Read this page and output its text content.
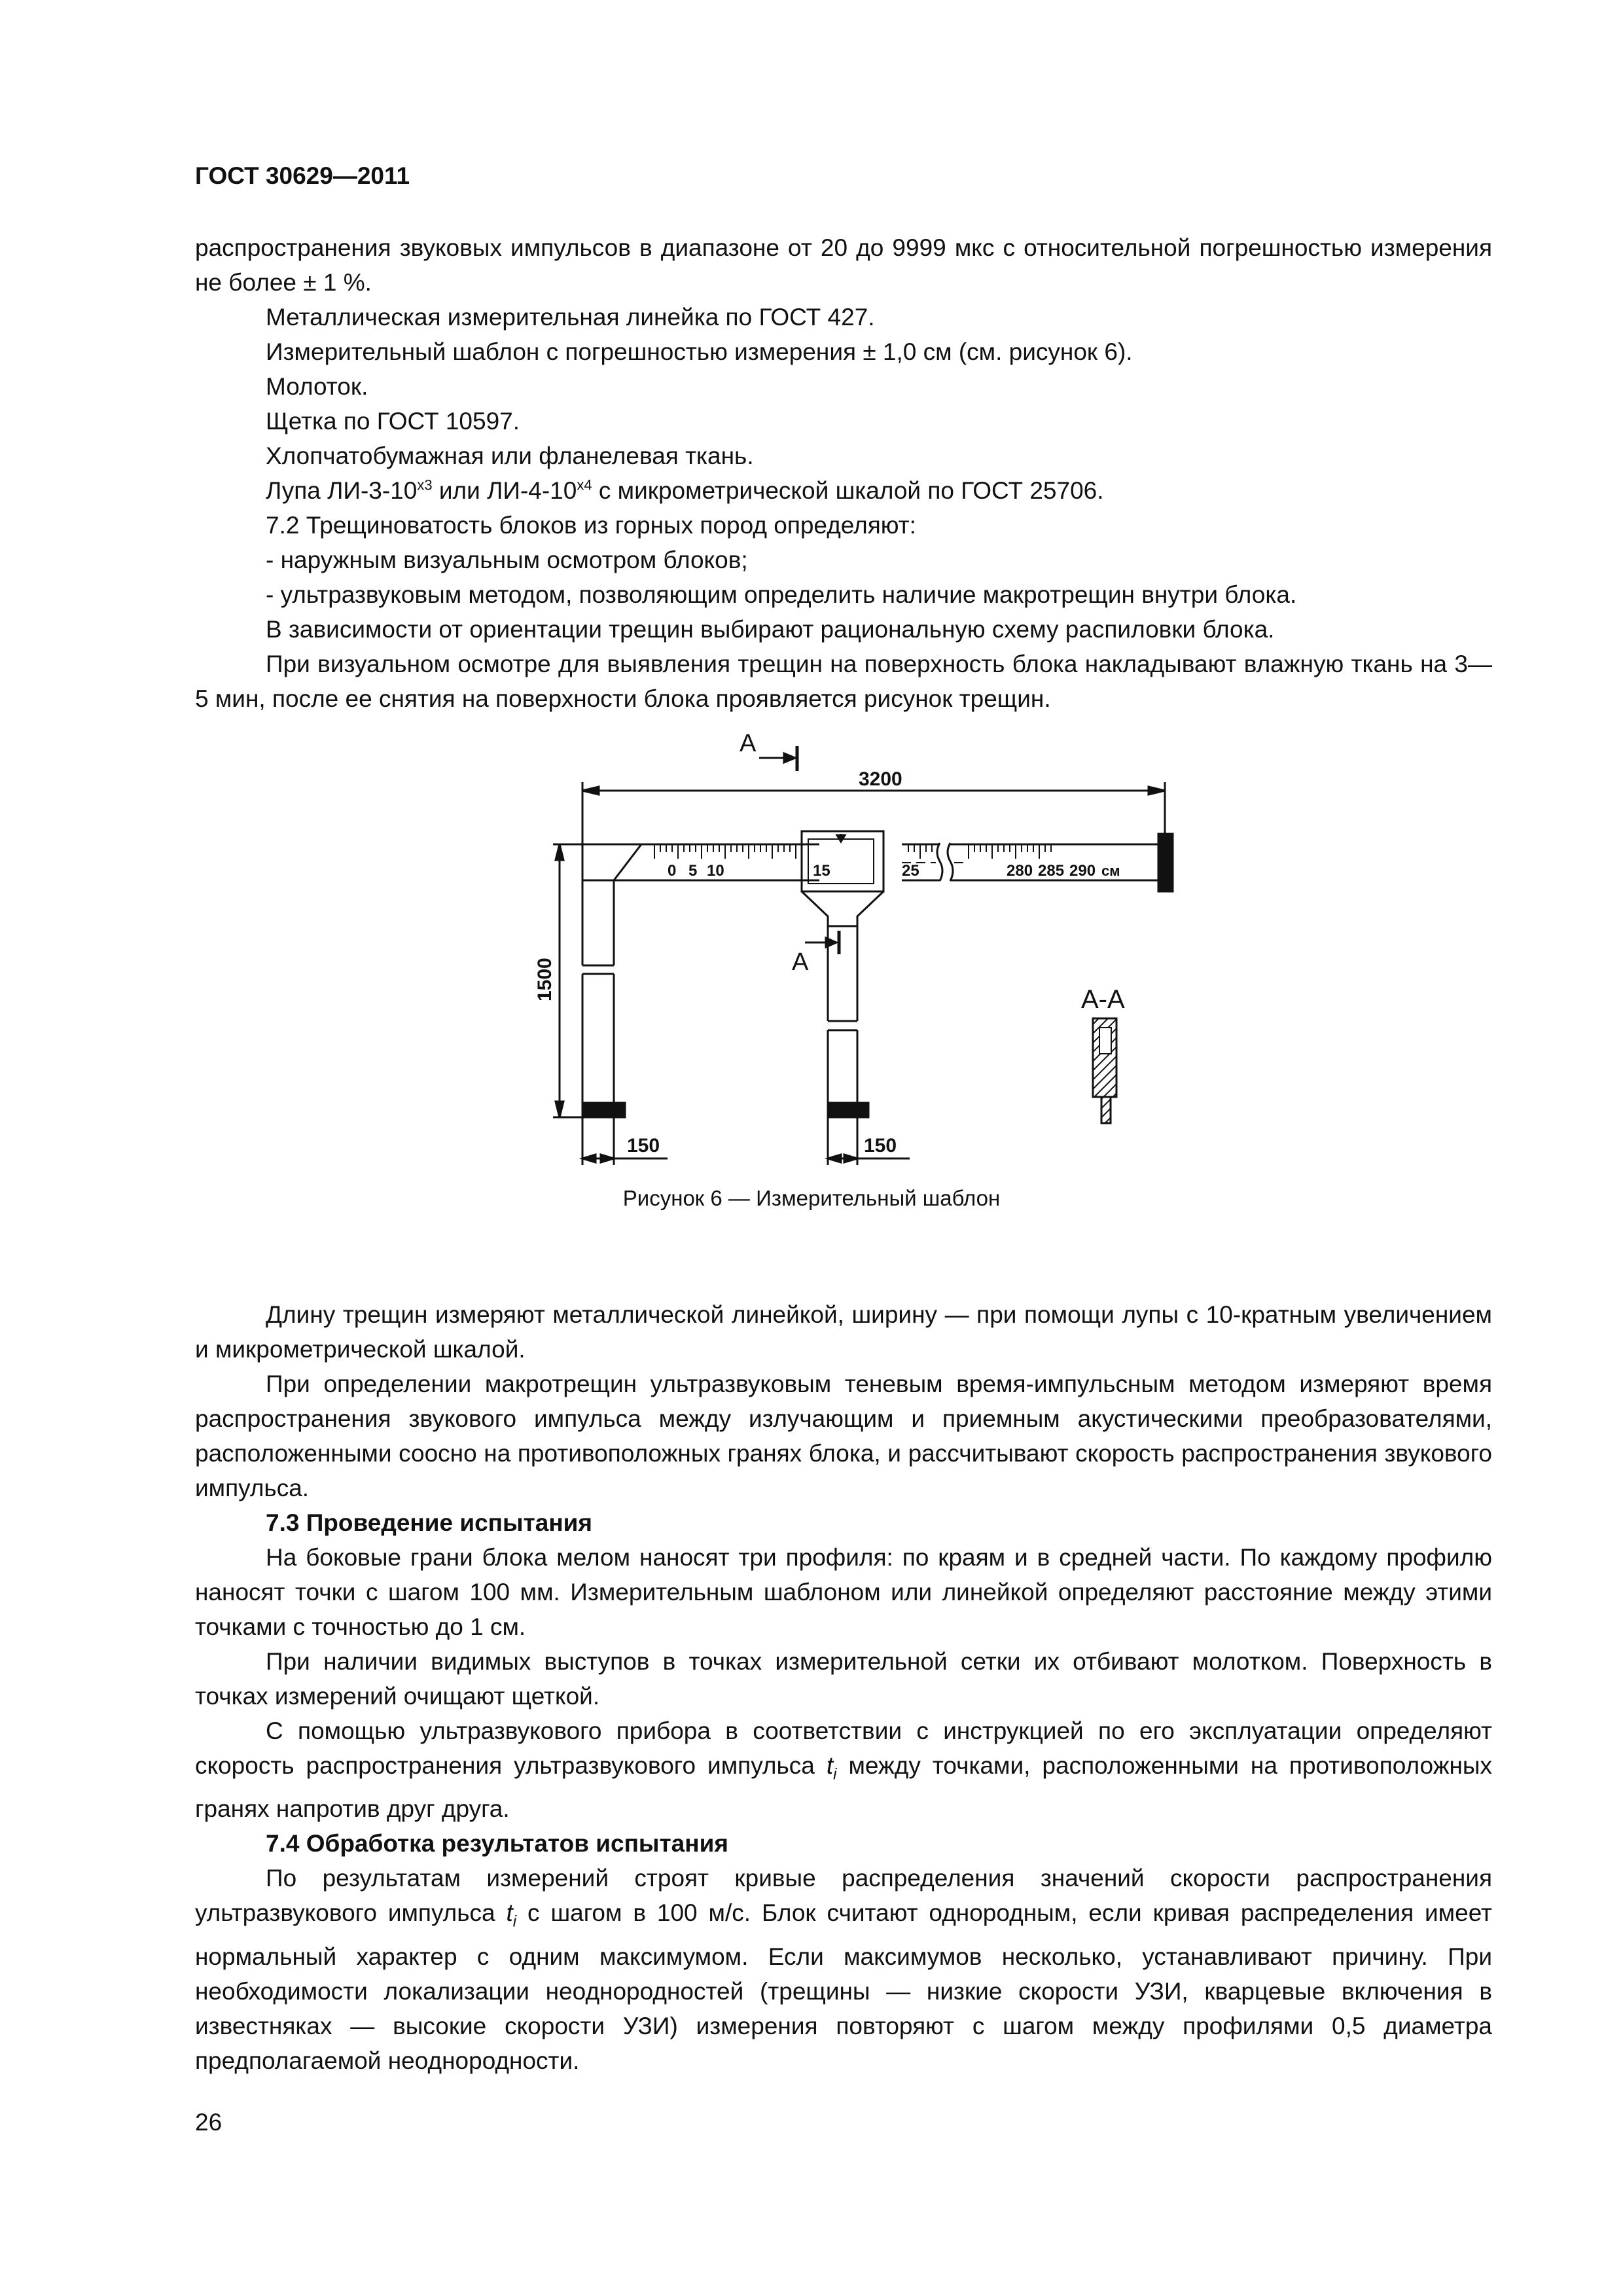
ГОСТ 30629—2011

распространения звуковых импульсов в диапазоне от 20 до 9999 мкс с относительной погрешностью измерения не более ± 1 %.

Металлическая измерительная линейка по ГОСТ 427.

Измерительный шаблон с погрешностью измерения ± 1,0 см (см. рисунок 6).

Молоток.

Щетка по ГОСТ 10597.

Хлопчатобумажная или фланелевая ткань.

Лупа $ЛИ-3-10^{x3}$ или $ЛИ-4-10^{x4}$ с микрометрической шкалой по ГОСТ 25706.

7.2 Трещиноватость блоков из горных пород определяют:

- наружным визуальным осмотром блоков;

- ультразвуковым методом, позволяющим определить наличие макротрещин внутри блока.

В зависимости от ориентации трещин выбирают рациональную схему распиловки блока.

При визуальном осмотре для выявления трещин на поверхность блока накладывают влажную ткань на 3— 5 мин, после ее снятия на поверхности блока проявляется рисунок трещин.

А
3200
0 5 10	15	25	280 285 290 см
А
А-А
150	150
1500
Рисунок 6 — Измерительный шаблон

Длину трещин измеряют металлической линейкой, ширину — при помощи лупы с 10-кратным увеличением и микрометрической шкалой.

При определении макротрещин ультразвуковым теневым время-импульсным методом измеряют время распространения звукового импульса между излучающим и приемным акустическими преобразователями, расположенными соосно на противоположных гранях блока, и рассчитывают скорость распространения звукового импульса.

7.3 Проведение испытания

На боковые грани блока мелом наносят три профиля: по краям и в средней части. По каждому профилю наносят точки с шагом 100 мм. Измерительным шаблоном или линейкой определяют расстояние между этими точками с точностью до 1 см.

При наличии видимых выступов в точках измерительной сетки их отбивают молотком. Поверхность в точках измерений очищают щеткой.

С помощью ультразвукового прибора в соответствии с инструкцией по его эксплуатации определяют скорость распространения ультразвукового импульса $t_i$ между точками, расположенными на противоположных гранях напротив друг друга.

7.4 Обработка результатов испытания

По результатам измерений строят кривые распределения значений скорости распространения ультразвукового импульса $t_i$ с шагом в 100 м/с. Блок считают однородным, если кривая распределения имеет нормальный характер с одним максимумом. Если максимумов несколько, устанавливают причину. При необходимости локализации неоднородностей (трещины — низкие скорости УЗИ, кварцевые включения в известняках — высокие скорости УЗИ) измерения повторяют с шагом между профилями 0,5 диаметра предполагаемой неоднородности.

26
